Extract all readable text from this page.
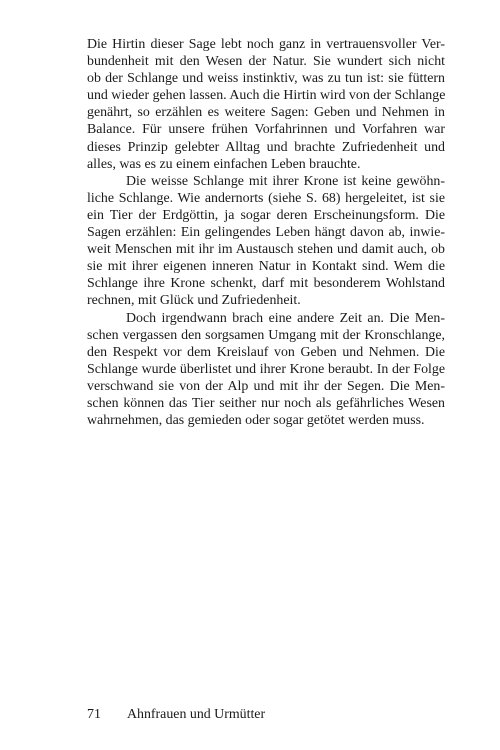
Die Hirtin dieser Sage lebt noch ganz in vertrauensvoller Ver-
bundenheit mit den Wesen der Natur. Sie wundert sich nicht
ob der Schlange und weiss instinktiv, was zu tun ist: sie füttern
und wieder gehen lassen. Auch die Hirtin wird von der Schlange
genährt, so erzählen es weitere Sagen: Geben und Nehmen in
Balance. Für unsere frühen Vorfahrinnen und Vorfahren war
dieses Prinzip gelebter Alltag und brachte Zufriedenheit und
alles, was es zu einem einfachen Leben brauchte.
Die weisse Schlange mit ihrer Krone ist keine gewöhn-
liche Schlange. Wie andernorts (siehe S. 68) hergeleitet, ist sie
ein Tier der Erdgöttin, ja sogar deren Erscheinungsform. Die
Sagen erzählen: Ein gelingendes Leben hängt davon ab, inwie-
weit Menschen mit ihr im Austausch stehen und damit auch, ob
sie mit ihrer eigenen inneren Natur in Kontakt sind. Wem die
Schlange ihre Krone schenkt, darf mit besonderem Wohlstand
rechnen, mit Glück und Zufriedenheit.
Doch irgendwann brach eine andere Zeit an. Die Men-
schen vergassen den sorgsamen Umgang mit der Kronschlange,
den Respekt vor dem Kreislauf von Geben und Nehmen. Die
Schlange wurde überlistet und ihrer Krone beraubt. In der Folge
verschwand sie von der Alp und mit ihr der Segen. Die Men-
schen können das Tier seither nur noch als gefährliches Wesen
wahrnehmen, das gemieden oder sogar getötet werden muss.
71 Ahnfrauen und Urmütter
